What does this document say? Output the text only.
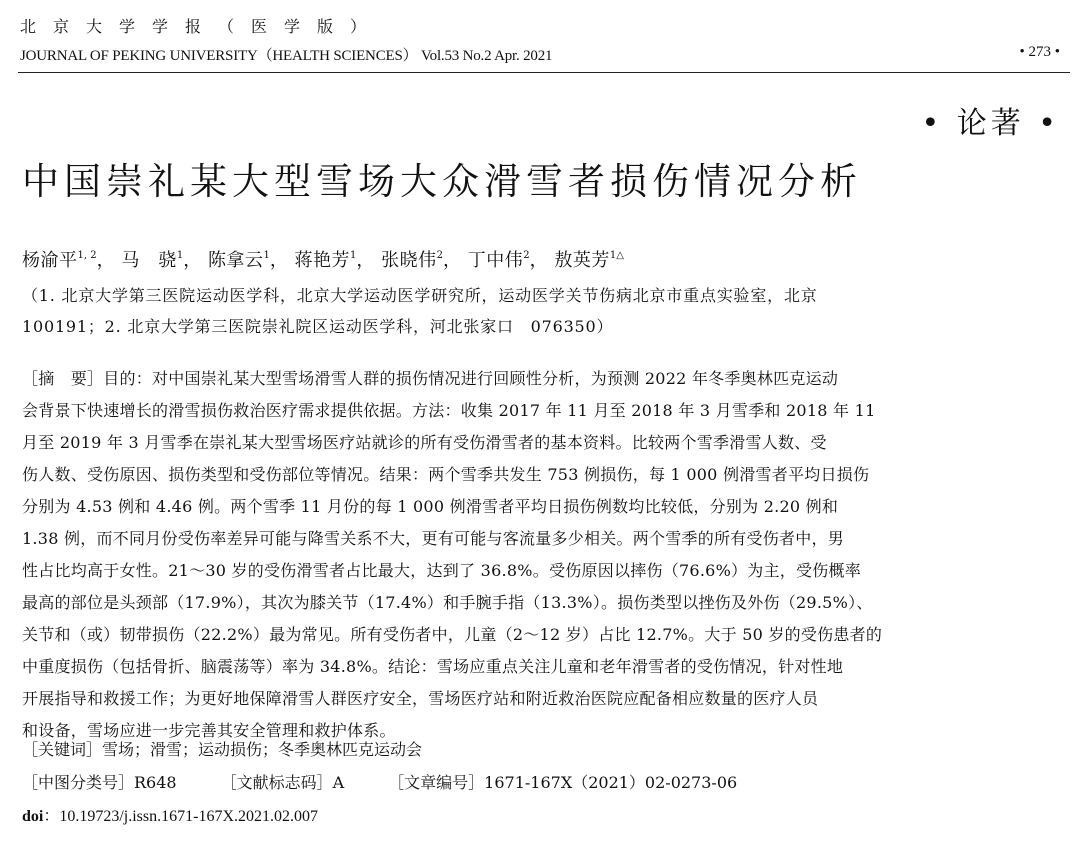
北京大学学报（医学版）
JOURNAL OF PEKING UNIVERSITY（HEALTH SCIENCES） Vol.53 No.2 Apr. 2021	• 273 •
• 论著 •
中国崇礼某大型雪场大众滑雪者损伤情况分析
杨渝平$^{1, 2}$， 马　骁$^1$， 陈拿云$^1$， 蒋艳芳$^1$， 张晓伟$^2$， 丁中伟$^2$， 敖英芳$^{1\triangle}$
（1. 北京大学第三医院运动医学科，北京大学运动医学研究所，运动医学关节伤病北京市重点实验室，北京
100191；2. 北京大学第三医院崇礼院区运动医学科，河北张家口　076350）
［摘　要］目的：对中国崇礼某大型雪场滑雪人群的损伤情况进行回顾性分析，为预测 2022 年冬季奥林匹克运动
会背景下快速增长的滑雪损伤救治医疗需求提供依据。方法：收集 2017 年 11 月至 2018 年 3 月雪季和 2018 年 11
月至 2019 年 3 月雪季在崇礼某大型雪场医疗站就诊的所有受伤滑雪者的基本资料。比较两个雪季滑雪人数、受
伤人数、受伤原因、损伤类型和受伤部位等情况。结果：两个雪季共发生 753 例损伤，每 1 000 例滑雪者平均日损伤
分别为 4.53 例和 4.46 例。两个雪季 11 月份的每 1 000 例滑雪者平均日损伤例数均比较低，分别为 2.20 例和
1.38 例，而不同月份受伤率差异可能与降雪关系不大，更有可能与客流量多少相关。两个雪季的所有受伤者中，男
性占比均高于女性。21～30 岁的受伤滑雪者占比最大，达到了 36.8%。受伤原因以摔伤（76.6%）为主，受伤概率
最高的部位是头颈部（17.9%），其次为膝关节（17.4%）和手腕手指（13.3%）。损伤类型以挫伤及外伤（29.5%）、
关节和（或）韧带损伤（22.2%）最为常见。所有受伤者中，儿童（2～12 岁）占比 12.7%。大于 50 岁的受伤患者的
中重度损伤（包括骨折、脑震荡等）率为 34.8%。结论：雪场应重点关注儿童和老年滑雪者的受伤情况，针对性地
开展指导和救援工作；为更好地保障滑雪人群医疗安全，雪场医疗站和附近救治医院应配备相应数量的医疗人员
和设备，雪场应进一步完善其安全管理和救护体系。
［关键词］雪场；滑雪；运动损伤；冬季奥林匹克运动会
［中图分类号］R648	［文献标志码］A	［文章编号］1671-167X（2021）02-0273-06
doi：10.19723/j.issn.1671-167X.2021.02.007
